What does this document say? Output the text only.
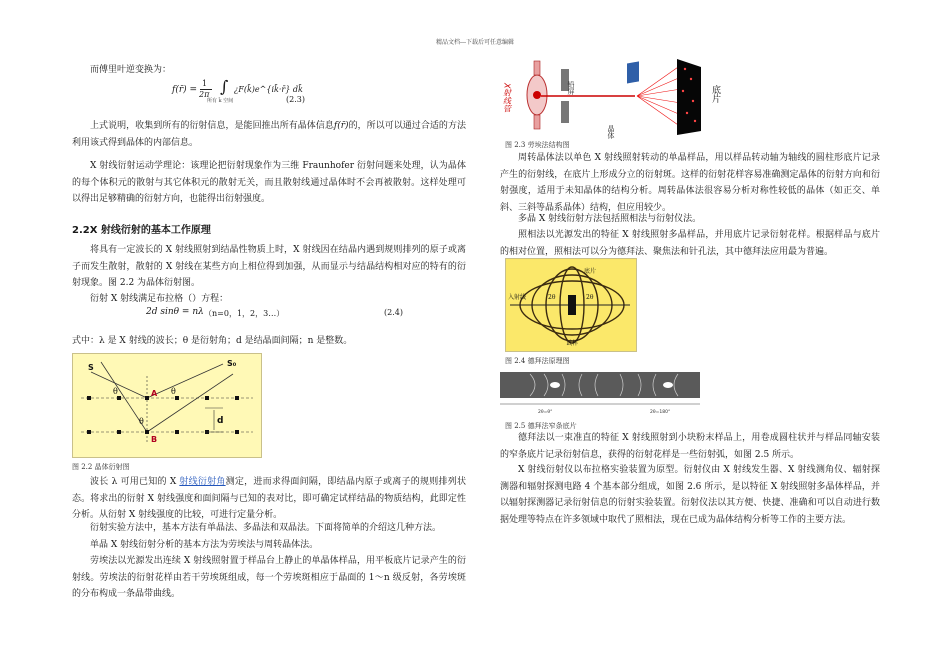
精品文档---下载后可任意编辑

而傅里叶逆变换为：

f(r̄) =
1
2π ∫
所有 k̄ 空间
¿F(k̄)e^{ik̄·r̄} dk̄
(2.3)

上式说明，收集到所有的衍射信息，是能回推出所有晶体信息f(r̄)的，所以可以通过合适的方法利用该式得到晶体的内部信息。

X 射线衍射运动学理论：该理论把衍射现象作为三维 Fraunhofer 衍射问题来处理，认为晶体的每个体积元的散射与其它体积元的散射无关，而且散射线通过晶体时不会再被散射。这样处理可以得出足够精确的衍射方向，也能得出衍射强度。

2.2X 射线衍射的基本工作原理

将具有一定波长的 X 射线照射到结晶性物质上时，X 射线因在结晶内遇到规则排列的原子或离子而发生散射，散射的 X 射线在某些方向上相位得到加强，从而显示与结晶结构相对应的特有的衍射现象。图 2.2 为晶体衍射图。

衍射 X 射线满足布拉格（）方程：

2d sinθ = nλ （n=0，1，2，3…）	(2.4)

式中：λ 是 X 射线的波长；θ 是衍射角；d 是结晶面间隔；n 是整数。

S	S₀
A
B
d
θ	θ
θ
图 2.2 晶体衍射图

波长 λ 可用已知的 X 射线衍射角测定，进而求得面间隔，即结晶内原子或离子的规则排列状态。将求出的衍射 X 射线强度和面间隔与已知的表对比，即可确定试样结晶的物质结构，此即定性分析。从衍射 X 射线强度的比较，可进行定量分析。

衍射实验方法中，基本方法有单晶法、多晶法和双晶法。下面将简单的介绍这几种方法。

单晶 X 射线衍射分析的基本方法为劳埃法与周转晶体法。

劳埃法以光源发出连续 X 射线照射置于样品台上静止的单晶体样品，用平板底片记录产生的衍射线。劳埃法的衍射花样由若干劳埃斑组成，每一个劳埃斑相应于晶面的 1～n 级反射，各劳埃斑的分布构成一条晶带曲线。

X射线管	铅屏
晶体
底片
图 2.3 劳埃法结构图

周转晶体法以单色 X 射线照射转动的单晶样品，用以样品转动轴为轴线的圆柱形底片记录产生的衍射线，在底片上形成分立的衍射斑。这样的衍射花样容易准确测定晶体的衍射方向和衍射强度，适用于未知晶体的结构分析。周转晶体法很容易分析对称性较低的晶体（如正交、单斜、三斜等晶系晶体）结构，但应用较少。

多晶 X 射线衍射方法包括照相法与衍射仪法。

照相法以光源发出的特征 X 射线照射多晶样品，并用底片记录衍射花样。根据样品与底片的相对位置，照相法可以分为德拜法、聚焦法和针孔法，其中德拜法应用最为普遍。

底片
入射线
试样
2θ	2θ
图 2.4 德拜法原理图
2θ=θ°	2θ=180°
图 2.5 德拜法窄条底片

德拜法以一束准直的特征 X 射线照射到小块粉末样品上，用卷成圆柱状并与样品同轴安装的窄条底片记录衍射信息，获得的衍射花样是一些衍射弧，如图 2.5 所示。

X 射线衍射仪以布拉格实验装置为原型。衍射仪由 X 射线发生器、X 射线测角仪、辐射探测器和辐射探测电路 4 个基本部分组成，如图 2.6 所示，是以特征 X 射线照射多晶体样品，并以辐射探测器记录衍射信息的衍射实验装置。衍射仪法以其方便、快捷、准确和可以自动进行数据处理等特点在许多领域中取代了照相法，现在已成为晶体结构分析等工作的主要方法。
